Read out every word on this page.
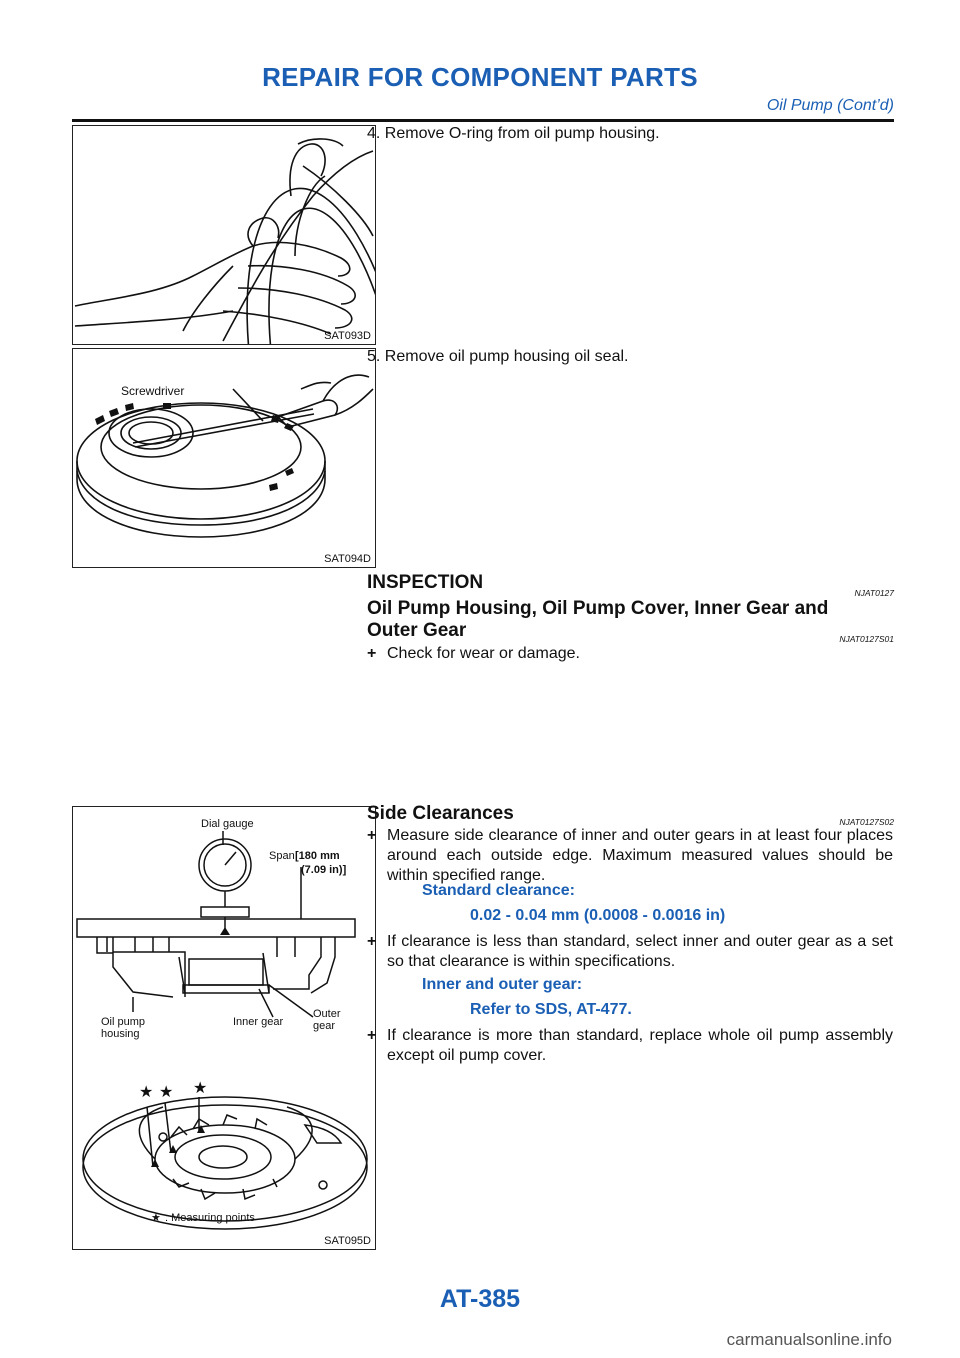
REPAIR FOR COMPONENT PARTS
Oil Pump (Cont’d)
SAT093D
Screwdriver
SAT094D
★ ★ ★
★
Dial gauge
Span [180 mm
(7.09 in)]
Oil pump
housing
Inner gear
Outer
gear
: Measuring points
SAT095D
4. Remove O-ring from oil pump housing.
5. Remove oil pump housing oil seal.
INSPECTION	NJAT0127
Oil Pump Housing, Oil Pump Cover, Inner Gear and
Outer Gear	NJAT0127S01
+ Check for wear or damage.
Side Clearances	NJAT0127S02
+ Measure side clearance of inner and outer gears in at least four places around each outside edge. Maximum measured values should be within specified range.
Standard clearance:
0.02 - 0.04 mm (0.0008 - 0.0016 in)
+ If clearance is less than standard, select inner and outer gear as a set so that clearance is within specifications.
Inner and outer gear:
Refer to SDS, AT-477.
+ If clearance is more than standard, replace whole oil pump assembly except oil pump cover.
AT-385
carmanualsonline.info
